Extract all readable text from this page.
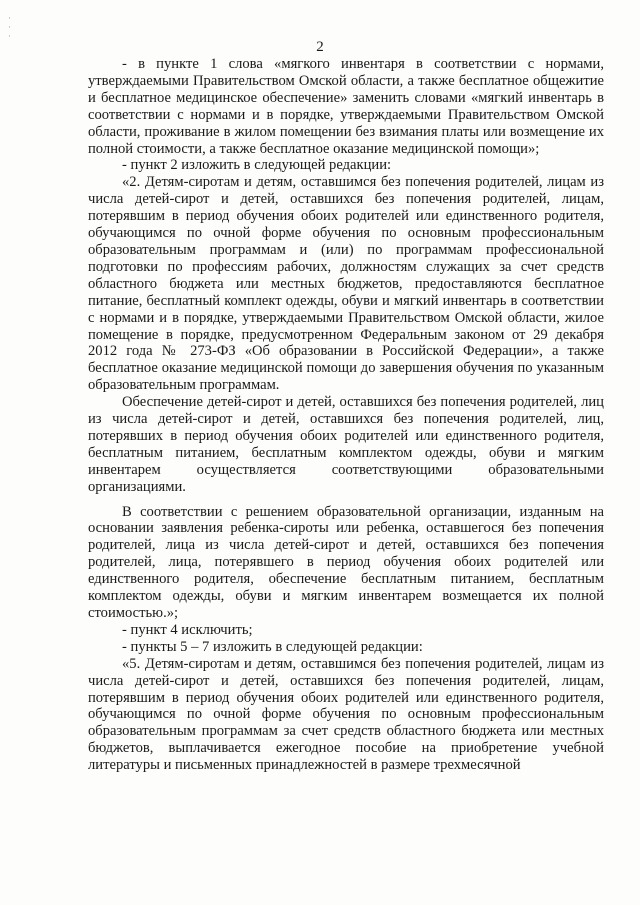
·
·
·
2

- в пункте 1 слова «мягкого инвентаря в соответствии с нормами, утверждаемыми Правительством Омской области, а также бесплатное общежитие и бесплатное медицинское обеспечение» заменить словами «мягкий инвентарь в соответствии с нормами и в порядке, утверждаемыми Правительством Омской области, проживание в жилом помещении без взимания платы или возмещение их полной стоимости, а также бесплатное оказание медицинской помощи»;

- пункт 2 изложить в следующей редакции:

«2. Детям-сиротам и детям, оставшимся без попечения родителей, лицам из числа детей-сирот и детей, оставшихся без попечения родителей, лицам, потерявшим в период обучения обоих родителей или единственного родителя, обучающимся по очной форме обучения по основным профессиональным образовательным программам и (или) по программам профессиональной подготовки по профессиям рабочих, должностям служащих за счет средств областного бюджета или местных бюджетов, предоставляются бесплатное питание, бесплатный комплект одежды, обуви и мягкий инвентарь в соответствии с нормами и в порядке, утверждаемыми Правительством Омской области, жилое помещение в порядке, предусмотренном Федеральным законом от 29 декабря 2012 года № 273-ФЗ «Об образовании в Российской Федерации», а также бесплатное оказание медицинской помощи до завершения обучения по указанным образовательным программам.

Обеспечение детей-сирот и детей, оставшихся без попечения родителей, лиц из числа детей-сирот и детей, оставшихся без попечения родителей, лиц, потерявших в период обучения обоих родителей или единственного родителя, бесплатным питанием, бесплатным комплектом одежды, обуви и мягким инвентарем осуществляется соответствующими образовательными организациями.

В соответствии с решением образовательной организации, изданным на основании заявления ребенка-сироты или ребенка, оставшегося без попечения родителей, лица из числа детей-сирот и детей, оставшихся без попечения родителей, лица, потерявшего в период обучения обоих родителей или единственного родителя, обеспечение бесплатным питанием, бесплатным комплектом одежды, обуви и мягким инвентарем возмещается их полной стоимостью.»;

- пункт 4 исключить;

- пункты 5 – 7 изложить в следующей редакции:

«5. Детям-сиротам и детям, оставшимся без попечения родителей, лицам из числа детей-сирот и детей, оставшихся без попечения родителей, лицам, потерявшим в период обучения обоих родителей или единственного родителя, обучающимся по очной форме обучения по основным профессиональным образовательным программам за счет средств областного бюджета или местных бюджетов, выплачивается ежегодное пособие на приобретение учебной литературы и письменных принадлежностей в размере трехмесячной
